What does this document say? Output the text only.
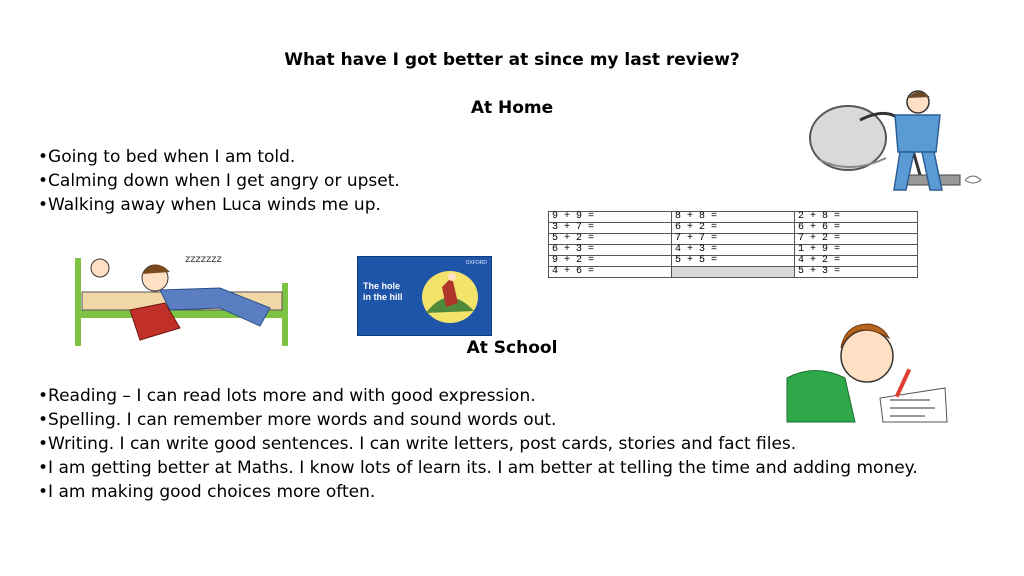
What have I got better at since my last review?
At Home
•Going to bed when I am told.
•Calming down when I get angry or upset.
•Walking away when Luca winds me up.
9 + 9 =	8 + 8 =	2 + 8 =
3 + 7 =	6 + 2 =	6 + 6 =
5 + 2 =	7 + 7 =	7 + 2 =
6 + 3 =	4 + 3 =	1 + 9 =
9 + 2 =	5 + 5 =	4 + 2 =
4 + 6 =		5 + 3 =
zzzzzzz	OXFORD
The hole
in the hill
At School
•Reading – I can read lots more and with good expression.
•Spelling. I can remember more words and sound words out.
•Writing. I can write good sentences. I can write letters, post cards, stories and fact files.
•I am getting better at Maths. I know lots of learn its. I am better at telling the time and adding money.
•I am making good choices more often.
